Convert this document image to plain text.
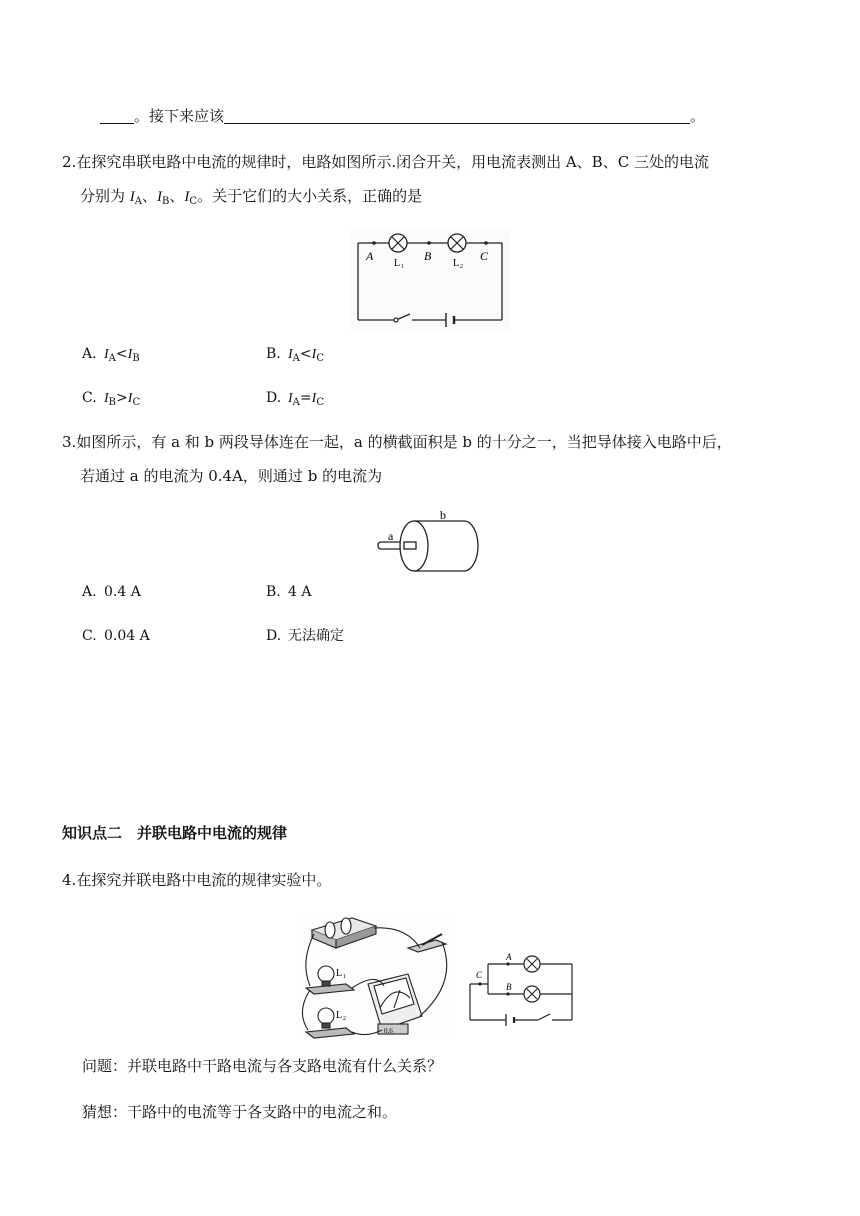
。接下来应该	。
2.在探究串联电路中电流的规律时，电路如图所示.闭合开关，用电流表测出 A、B、C 三处的电流
分别为 $I_A$、$I_B$、$I_C$。关于它们的大小关系，正确的是
A	B	C
L 1	L 2
A. $I_A<I_B$	B. $I_A<I_C$
C. $I_B>I_C$	D. $I_A=I_C$
3.如图所示，有 a 和 b 两段导体连在一起，a 的横截面积是 b 的十分之一，当把导体接入电路中后，
若通过 a 的电流为 0.4A，则通过 b 的电流为
a
b
A. 0.4 A	B. 4 A
C. 0.04 A	D. 无法确定
知识点二　并联电路中电流的规律
4.在探究并联电路中电流的规律实验中。
L 1
L 2
0.6
A
B
C
问题：并联电路中干路电流与各支路电流有什么关系？
猜想：干路中的电流等于各支路中的电流之和。
